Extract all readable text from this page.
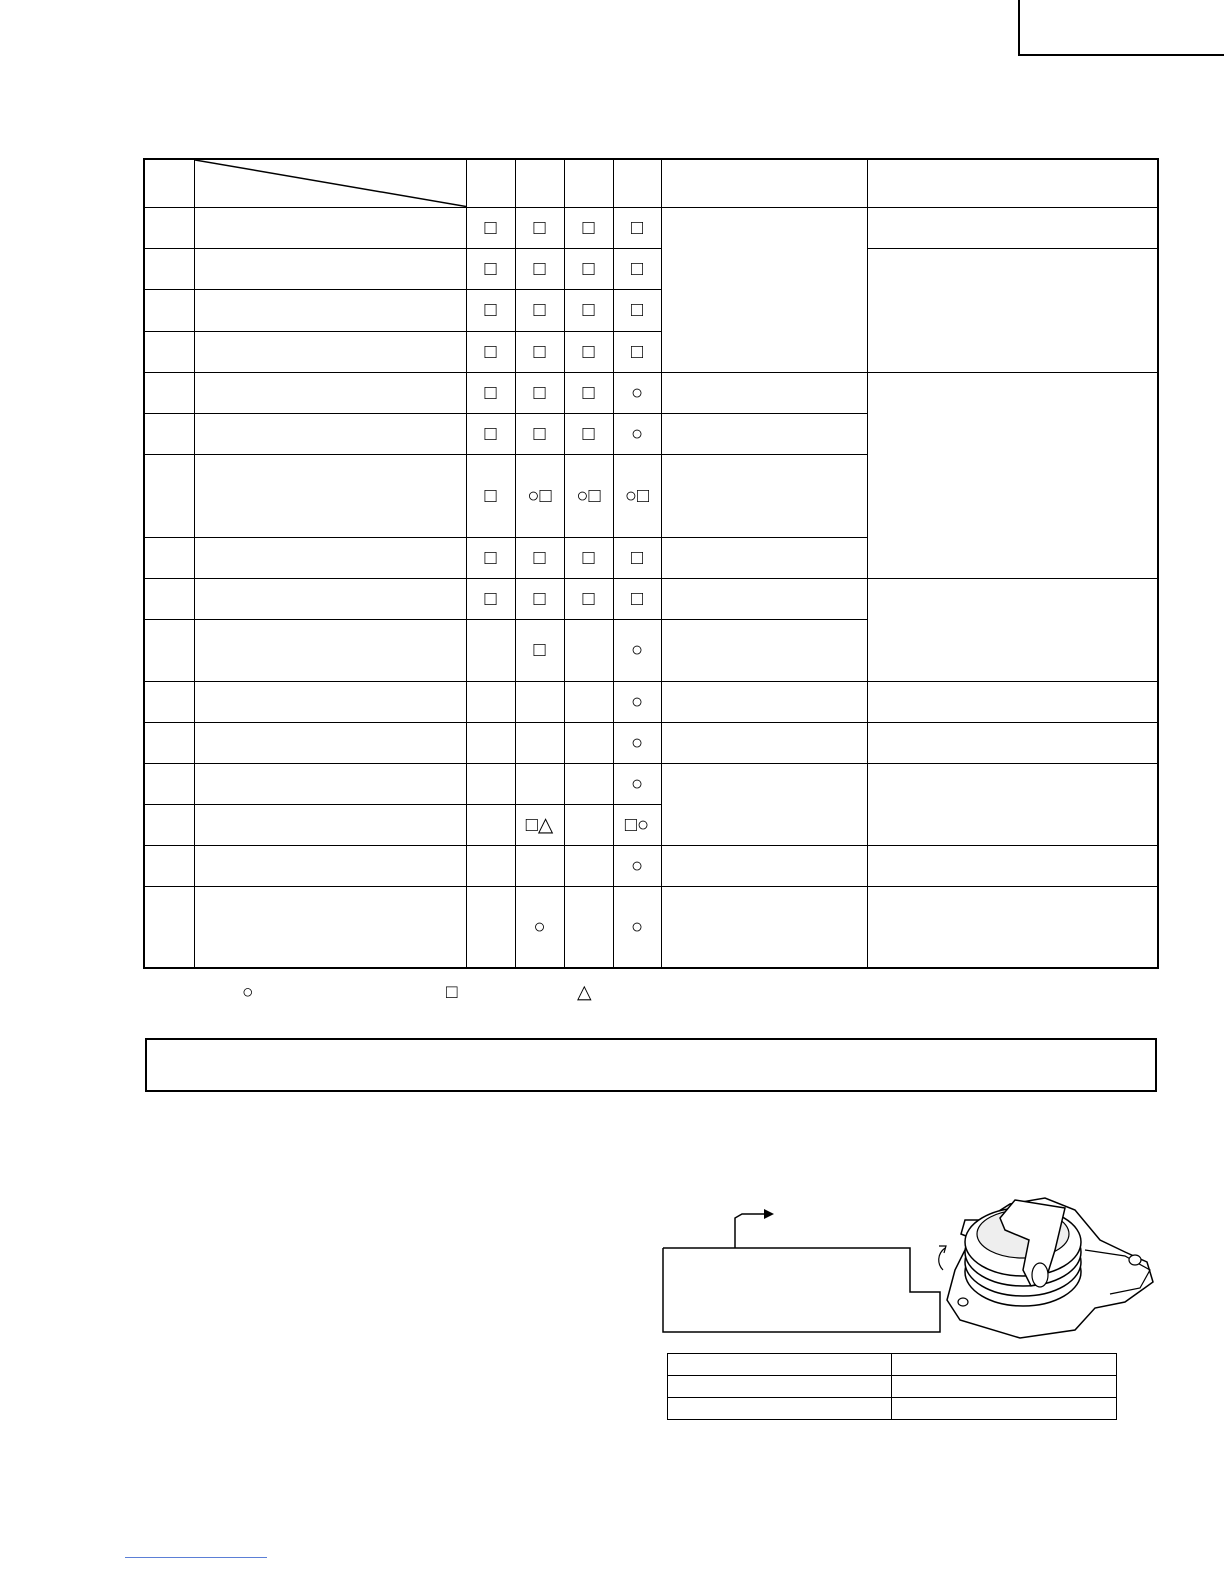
		□	□	□	□		
		□	□	□	□		
		□	□	□	□		
		□	□	□	□		
		□	□	□	○		
		□	□	□	○		
		□	○□	○□	○□		
		□	□	□	□		
		□	□	□	□		
			□		○		
					○		
					○		
					○		
			□△		□○		
					○		
			○		○		
○	□	△
